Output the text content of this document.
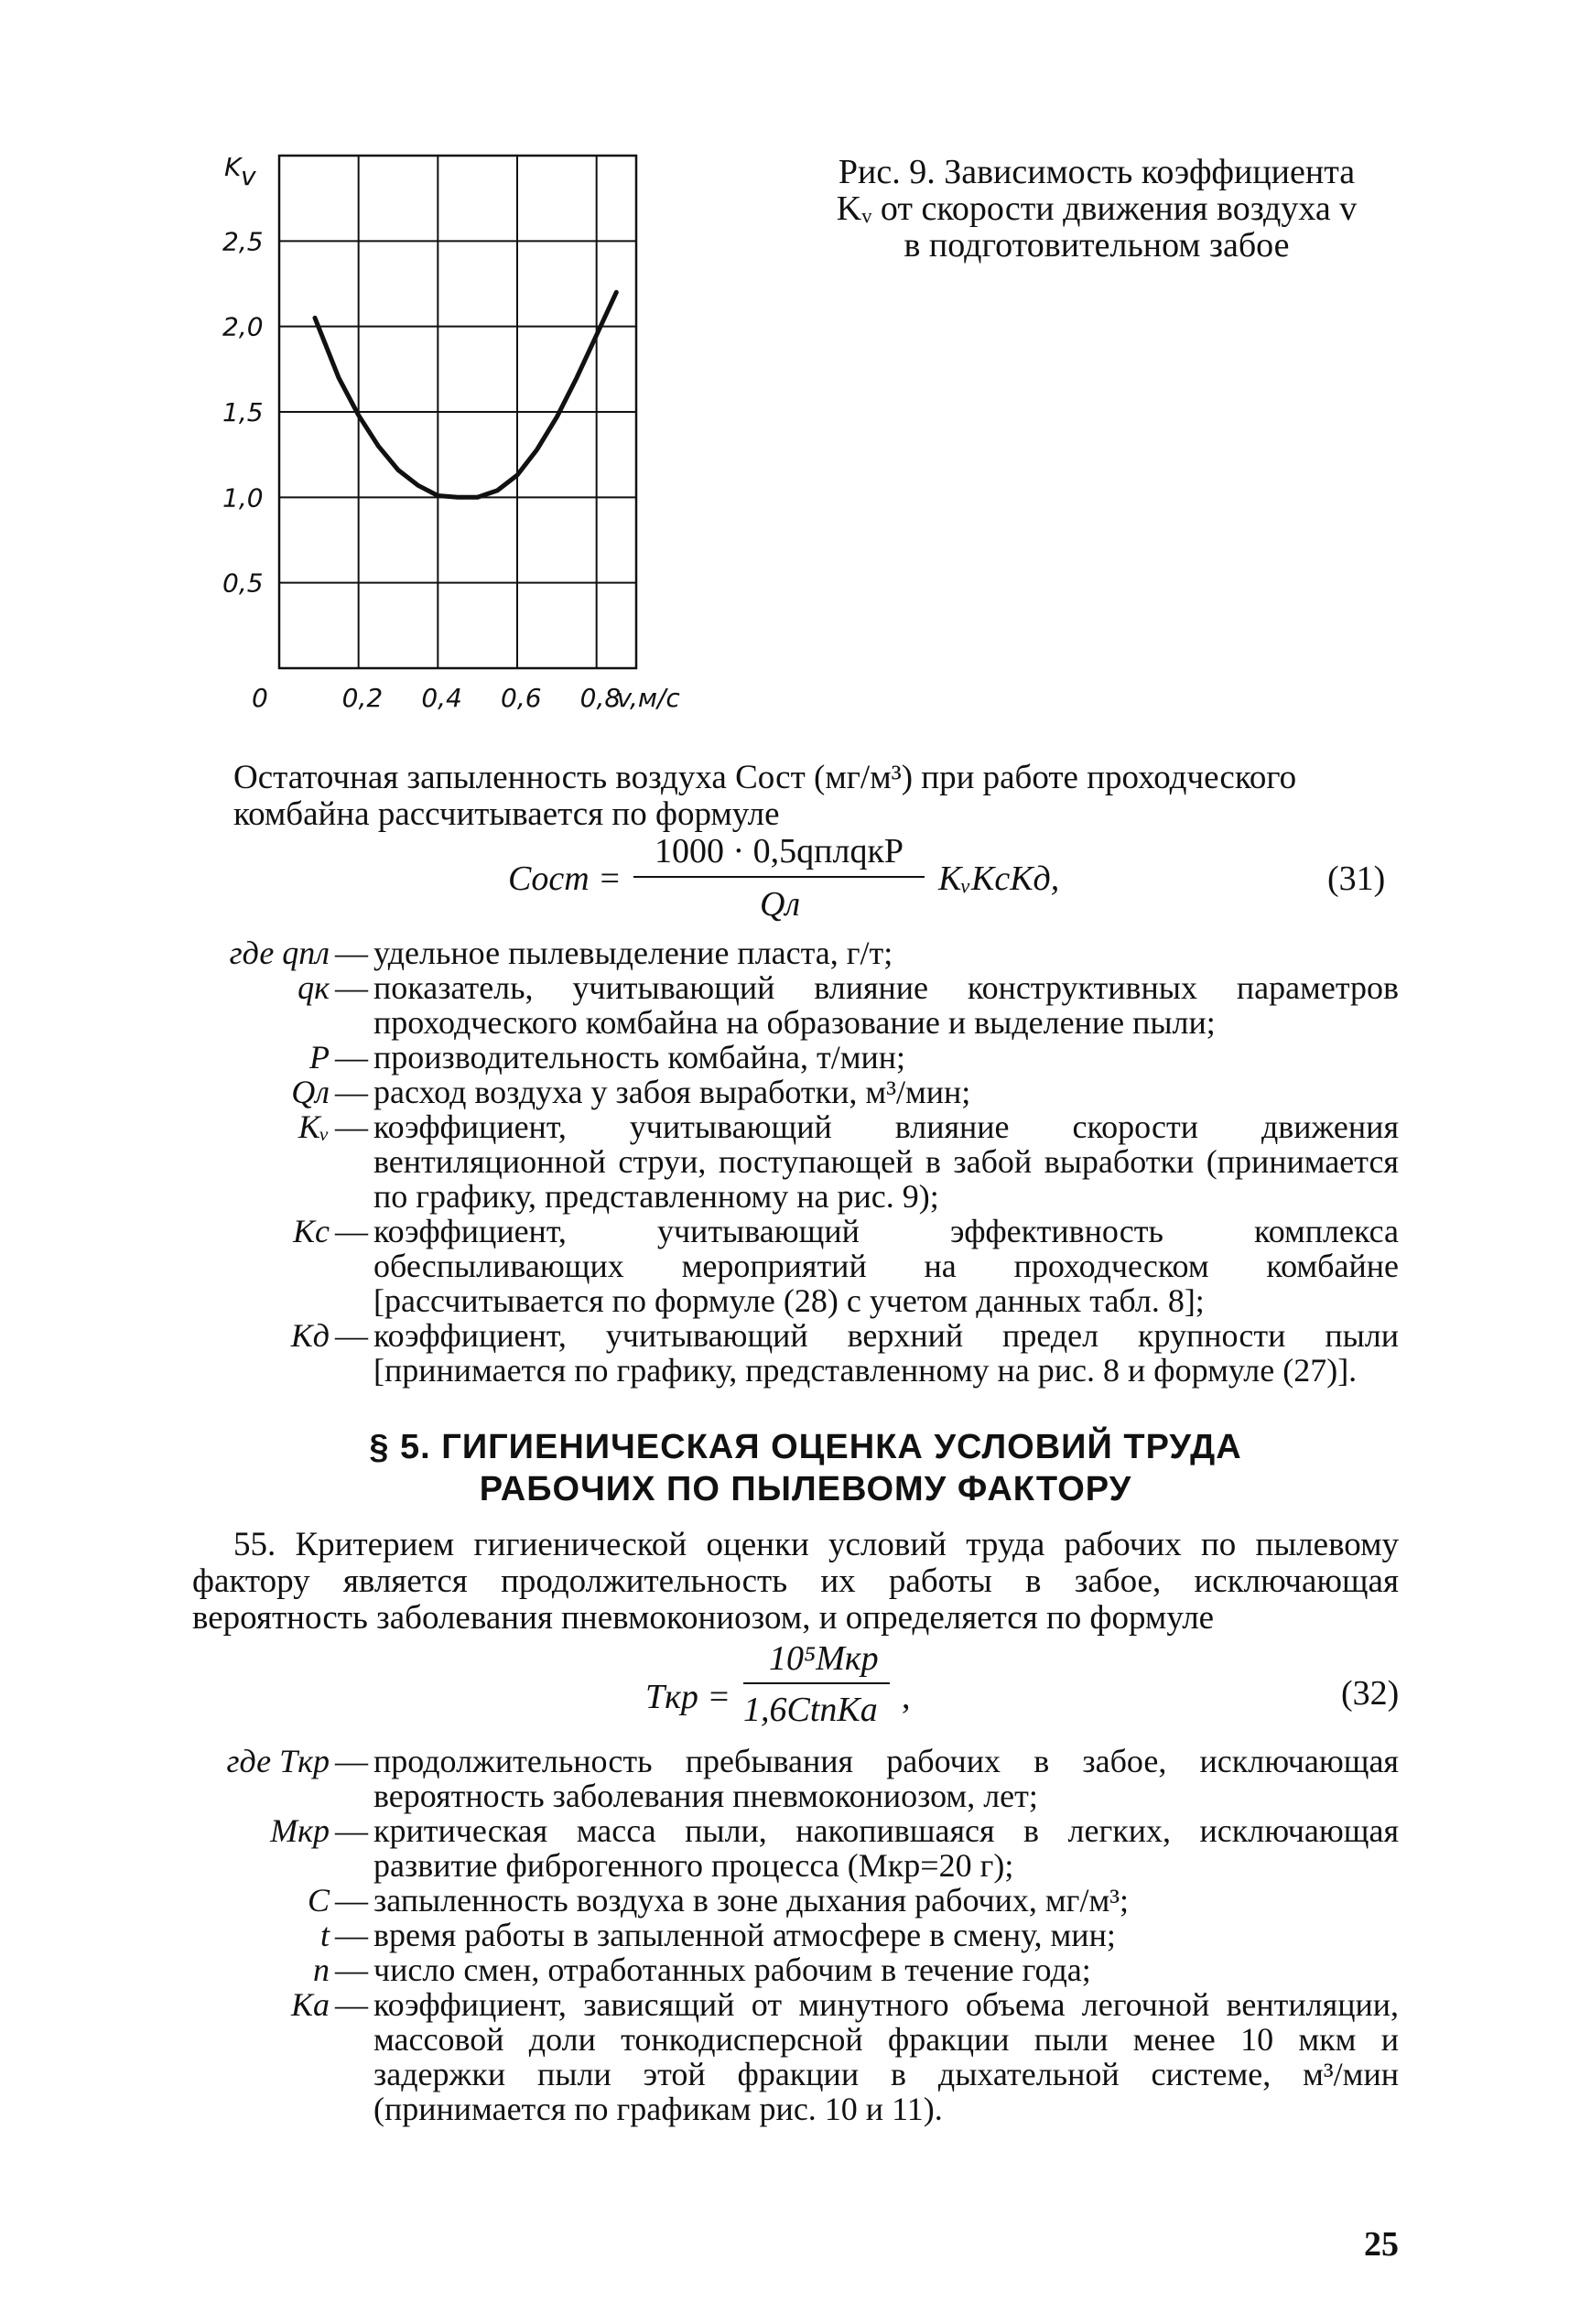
0	0,2 0,4 0,6 0,8
v,м/с
0,5
1,0
1,5
2,0
2,5
K v	Рис. 9. Зависимость коэффициента
Kᵥ от скорости движения воздуха v
в подготовительном забое
Остаточная запыленность воздуха Cост (мг/м³) при работе проходческого
комбайна рассчитывается по формуле
Cост =
1000 · 0,5qплqкP
Qл
KᵥKсKд,	(31)
где qпл — удельное пылевыделение пласта, г/т;
qк — показатель, учитывающий влияние конструктивных параметров проходческого комбайна на образование и выделение пыли;
P — производительность комбайна, т/мин;
Qл — расход воздуха у забоя выработки, м³/мин;
Kᵥ — коэффициент, учитывающий влияние скорости движения вентиляционной струи, поступающей в забой выработки (принимается по графику, представленному на рис. 9);
Kс — коэффициент, учитывающий эффективность комплекса обеспыливающих мероприятий на проходческом комбайне [рассчитывается по формуле (28) с учетом данных табл. 8];
Kд — коэффициент, учитывающий верхний предел крупности пыли [принимается по графику, представленному на рис. 8 и формуле (27)].
§ 5. ГИГИЕНИЧЕСКАЯ ОЦЕНКА УСЛОВИЙ ТРУДА
РАБОЧИХ ПО ПЫЛЕВОМУ ФАКТОРУ
55. Критерием гигиенической оценки условий труда рабочих по пылевому фактору является продолжительность их работы в забое, исключающая вероятность заболевания пневмокониозом, и определяется по формуле
Tкр =
10⁵Mкр
1,6CtnKа ,	(32)
где Tкр — продолжительность пребывания рабочих в забое, исключающая вероятность заболевания пневмокониозом, лет;
Mкр — критическая масса пыли, накопившаяся в легких, исключающая развитие фиброгенного процесса (Mкр=20 г);
C — запыленность воздуха в зоне дыхания рабочих, мг/м³;
t — время работы в запыленной атмосфере в смену, мин;
n — число смен, отработанных рабочим в течение года;
Kа — коэффициент, зависящий от минутного объема легочной вентиляции, массовой доли тонкодисперсной фракции пыли менее 10 мкм и задержки пыли этой фракции в дыхательной системе, м³/мин (принимается по графикам рис. 10 и 11).
25
